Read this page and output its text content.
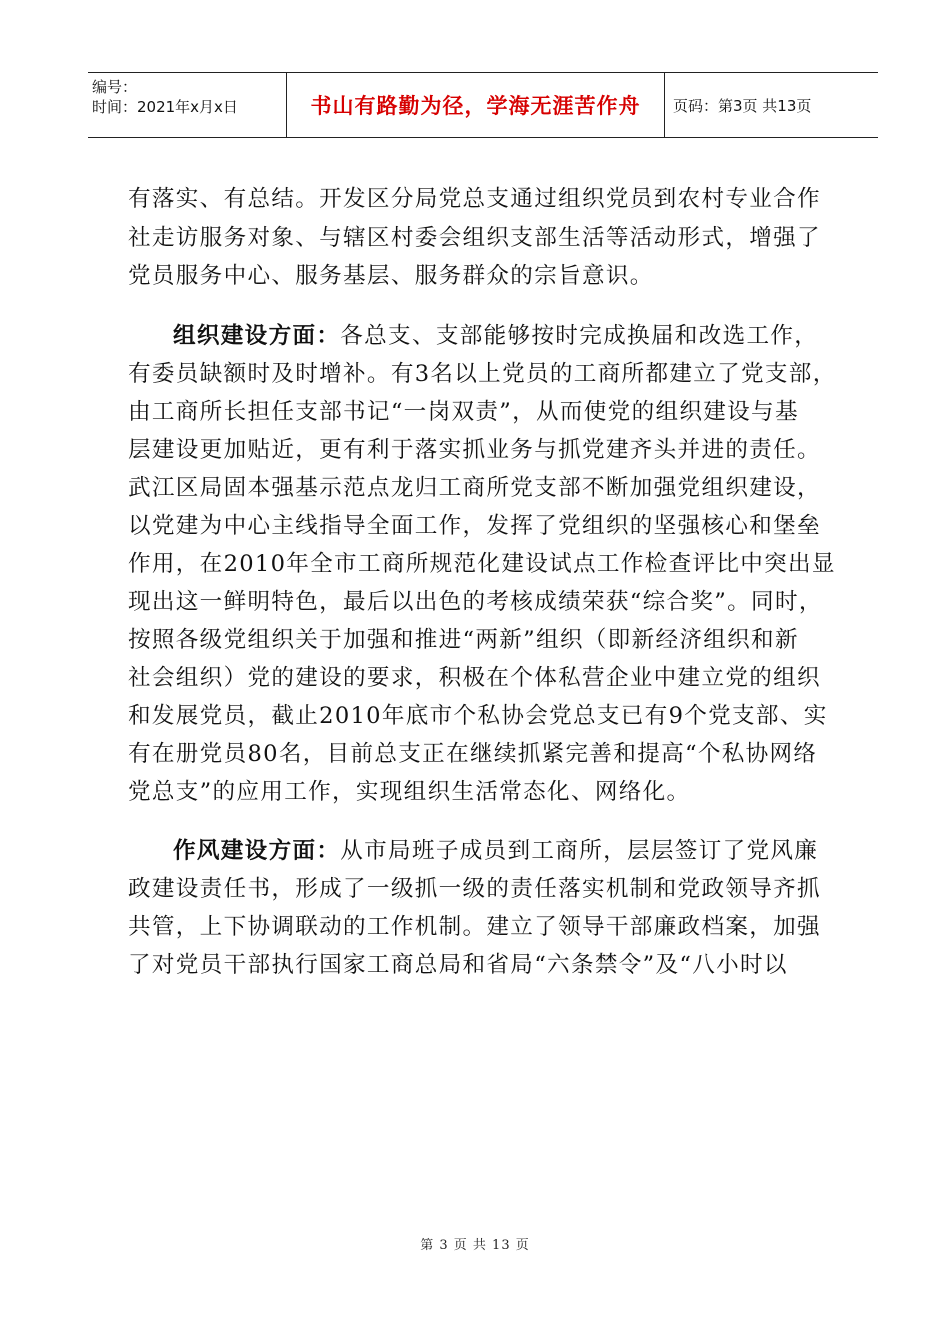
编号：
时间：2021年x月x日	书山有路勤为径，学海无涯苦作舟 页码：第3页 共13页
有落实、有总结。开发区分局党总支通过组织党员到农村专业合作
社走访服务对象、与辖区村委会组织支部生活等活动形式，增强了
党员服务中心、服务基层、服务群众的宗旨意识。
组织建设方面：各总支、支部能够按时完成换届和改选工作，
有委员缺额时及时增补。有3名以上党员的工商所都建立了党支部，
由工商所长担任支部书记“一岗双责”，从而使党的组织建设与基
层建设更加贴近，更有利于落实抓业务与抓党建齐头并进的责任。
武江区局固本强基示范点龙归工商所党支部不断加强党组织建设，
以党建为中心主线指导全面工作，发挥了党组织的坚强核心和堡垒
作用，在2010年全市工商所规范化建设试点工作检查评比中突出显
现出这一鲜明特色，最后以出色的考核成绩荣获“综合奖”。同时，
按照各级党组织关于加强和推进“两新”组织（即新经济组织和新
社会组织）党的建设的要求，积极在个体私营企业中建立党的组织
和发展党员，截止2010年底市个私协会党总支已有9个党支部、实
有在册党员80名，目前总支正在继续抓紧完善和提高“个私协网络
党总支”的应用工作，实现组织生活常态化、网络化。
作风建设方面：从市局班子成员到工商所，层层签订了党风廉
政建设责任书，形成了一级抓一级的责任落实机制和党政领导齐抓
共管，上下协调联动的工作机制。建立了领导干部廉政档案，加强
了对党员干部执行国家工商总局和省局“六条禁令”及“八小时以
第 3 页 共 13 页
